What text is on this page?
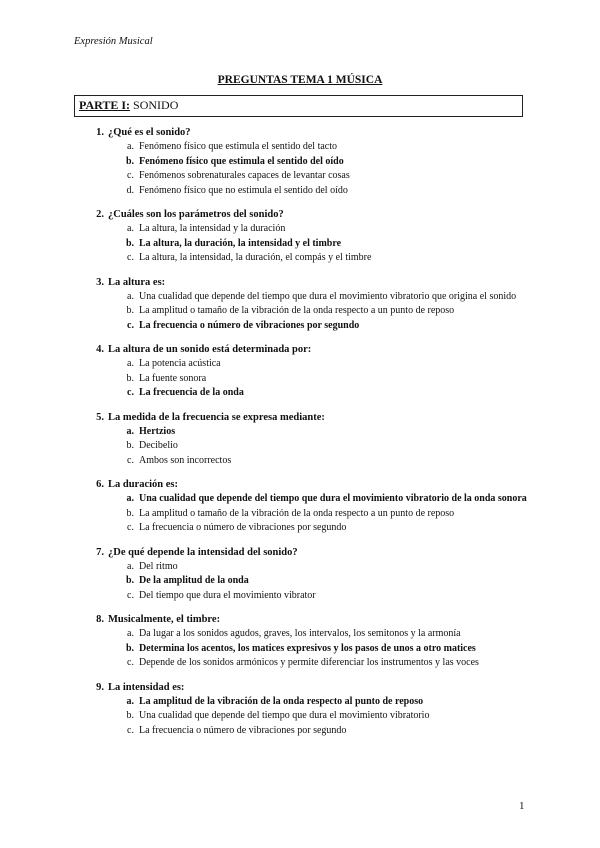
Expresión Musical
PREGUNTAS TEMA 1 MÚSICA
PARTE I: SONIDO
1. ¿Qué es el sonido?
a. Fenómeno físico que estimula el sentido del tacto
b. Fenómeno físico que estimula el sentido del oído
c. Fenómenos sobrenaturales capaces de levantar cosas
d. Fenómeno físico que no estimula el sentido del oído
2. ¿Cuáles son los parámetros del sonido?
a. La altura, la intensidad y la duración
b. La altura, la duración, la intensidad y el timbre
c. La altura, la intensidad, la duración, el compás y el timbre
3. La altura es:
a. Una cualidad que depende del tiempo que dura el movimiento vibratorio que origina el sonido
b. La amplitud o tamaño de la vibración de la onda respecto a un punto de reposo
c. La frecuencia o número de vibraciones por segundo
4. La altura de un sonido está determinada por:
a. La potencia acústica
b. La fuente sonora
c. La frecuencia de la onda
5. La medida de la frecuencia se expresa mediante:
a. Hertzios
b. Decibelio
c. Ambos son incorrectos
6. La duración es:
a. Una cualidad que depende del tiempo que dura el movimiento vibratorio de la onda sonora
b. La amplitud o tamaño de la vibración de la onda respecto a un punto de reposo
c. La frecuencia o número de vibraciones por segundo
7. ¿De qué depende la intensidad del sonido?
a. Del ritmo
b. De la amplitud de la onda
c. Del tiempo que dura el movimiento vibrator
8. Musicalmente, el timbre:
a. Da lugar a los sonidos agudos, graves, los intervalos, los semitonos y la armonía
b. Determina los acentos, los matices expresivos y los pasos de unos a otro matices
c. Depende de los sonidos armónicos y permite diferenciar los instrumentos y las voces
9. La intensidad es:
a. La amplitud de la vibración de la onda respecto al punto de reposo
b. Una cualidad que depende del tiempo que dura el movimiento vibratorio
c. La frecuencia o número de vibraciones por segundo
1
